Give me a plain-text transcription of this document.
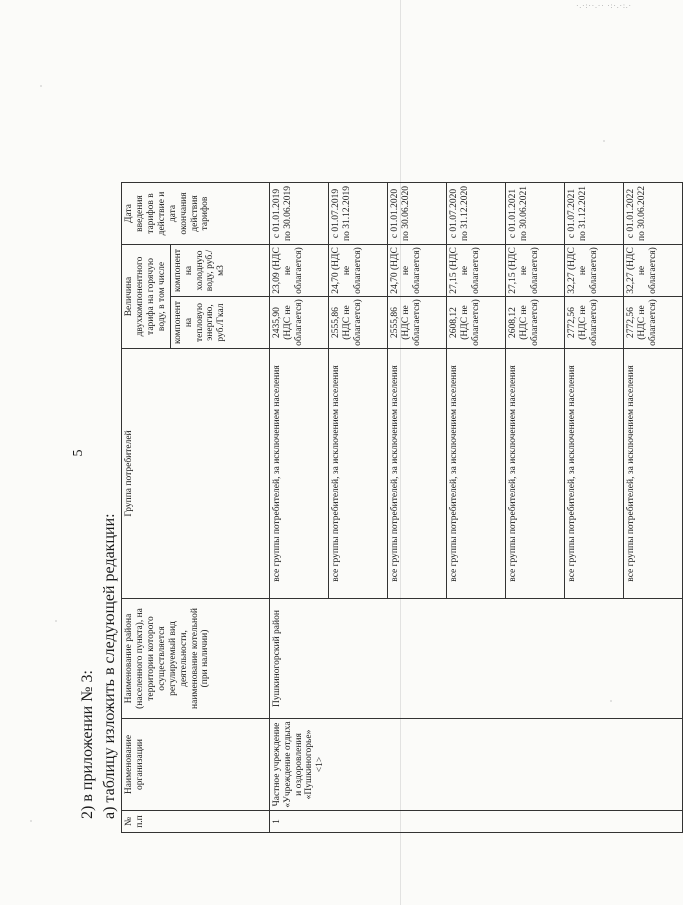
·.·:··.·· ·:·.·:.·
5
2) в приложении № 3: а) таблицу изложить в следующей редакции:
№ п.п	Наименование организации	Наименование района (населенного пункта), на территории которого осуществляется регулируемый вид деятельности, наименование котельной (при наличии)	Группа потребителей	Величина двухкомпонентного тарифа на горячую воду, в том числе		Дата введения тарифов в действие и дата окончания действия тарифов
				компонент на тепловую энергию, руб./Гкал	компонент на холодную воду, руб./м3	
1	Частное учреждение «Учреждение отдыха и оздоровления «Пушкиногорье» <1>	Пушкиногорский район	все группы потребителей, за исключением населения	2435,90 (НДС не облагается)	23,09 (НДС не облагается)	с 01.01.2019 по 30.06.2019
			все группы потребителей, за исключением населения	2555,86 (НДС не облагается)	24,70 (НДС не облагается)	с 01.07.2019 по 31.12.2019
			все группы потребителей, за исключением населения	2555,86 (НДС не облагается)	24,70 (НДС не облагается)	с 01.01.2020 по 30.06.2020
			все группы потребителей, за исключением населения	2608,12 (НДС не облагается)	27,15 (НДС не облагается)	с 01.07.2020 по 31.12.2020
			все группы потребителей, за исключением населения	2608,12 (НДС не облагается)	27,15 (НДС не облагается)	с 01.01.2021 по 30.06.2021
			все группы потребителей, за исключением населения	2772,56 (НДС не облагается)	32,27 (НДС не облагается)	с 01.07.2021 по 31.12.2021
			все группы потребителей, за исключением населения	2772,56 (НДС не облагается)	32,27 (НДС не облагается)	с 01.01.2022 по 30.06.2022
